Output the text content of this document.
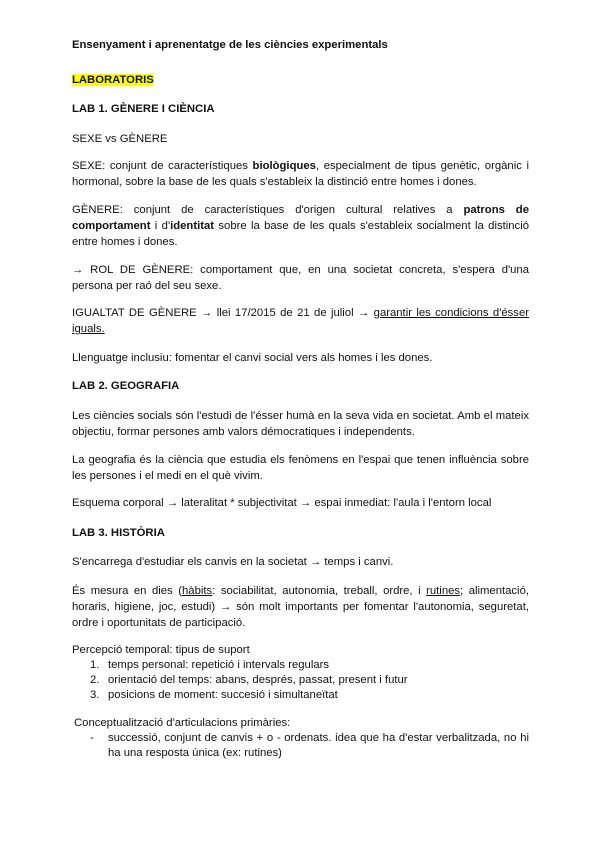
Ensenyament i aprenentatge de les ciències experimentals
LABORATORIS
LAB 1. GÈNERE I CIÈNCIA
SEXE vs GÈNERE

SEXE: conjunt de característiques biològiques, especialment de tipus genètic, orgànic i hormonal, sobre la base de les quals s'estableix la distinció entre homes i dones.

GÈNERE: conjunt de característiques d'origen cultural relatives a patrons de comportament i d'identitat sobre la base de les quals s'estableix socialment la distinció entre homes i dones.

→ ROL DE GÈNERE: comportament que, en una societat concreta, s'espera d'una persona per raó del seu sexe.

IGUALTAT DE GÈNERE → llei 17/2015 de 21 de juliol → garantir les condicions d'ésser iguals.

Llenguatge inclusiu: fomentar el canvi social vers als homes i les dones.

LAB 2. GEOGRAFIA

Les ciències socials són l'estudi de l'ésser humà en la seva vida en societat. Amb el mateix objectiu, formar persones amb valors démocratiques i independents.

La geografia és la ciència que estudia els fenòmens en l'espai que tenen influència sobre les persones i el medi en el què vivim.

Esquema corporal → lateralitat * subjectivitat → espai inmediat: l'aula i l'entorn local

LAB 3. HISTÒRIA

S'encarrega d'estudiar els canvis en la societat → temps i canvi.

És mesura en dies (hàbits: sociabilitat, autonomia, treball, ordre, i rutines; alimentació, horaris, higiene, joc, estudi) → són molt importants per fomentar l'autonomia, seguretat, ordre i oportunitats de participació.

Percepció temporal: tipus de suport
1. temps personal: repetició i intervals regulars
2. orientació del temps: abans, després, passat, present i futur
3. posicions de moment: succesió i simultaneïtat
Conceptualització d'articulacions primàries:
- successió, conjunt de canvis + o - ordenats. idea que ha d'estar verbalitzada, no hi ha una resposta única (ex: rutines)
